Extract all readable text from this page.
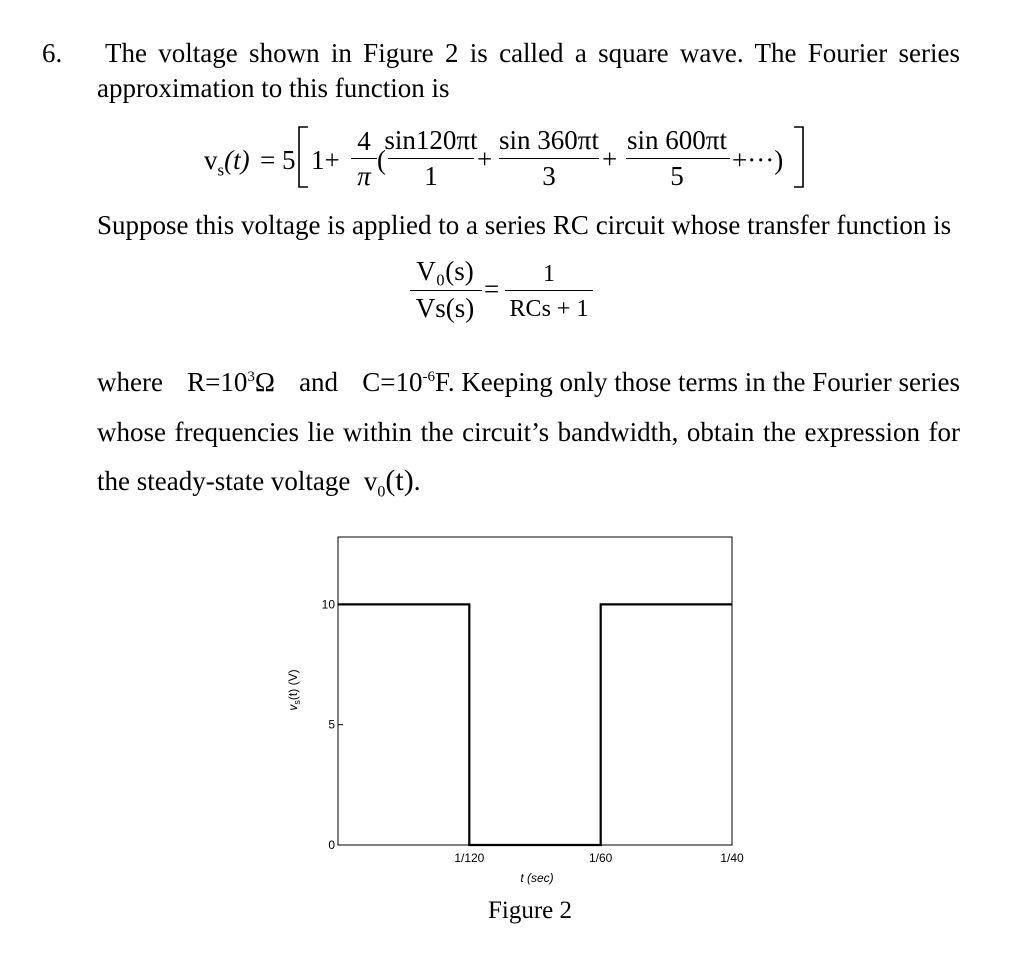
6. The voltage shown in Figure 2 is called a square wave. The Fourier series
approximation to this function is
$v_s(t) = 5$ 1+
4
π
(
sin120πt
1
+
sin 360πt
3
+
sin 600πt
5
+···)
Suppose this voltage is applied to a series RC circuit whose transfer function is
V₀(s)
Vs(s)
=	1
RCs + 1
where $R=10^3\Omega$ and $C=10^{-6}F$. Keeping only those terms in the Fourier series
whose frequencies lie within the circuit’s bandwidth, obtain the expression for
the steady-state voltage $v_0(t)$.
0
5
10
1/120	1/60	1/40
t (sec)
$v_s(t)$ (V)
Figure 2
